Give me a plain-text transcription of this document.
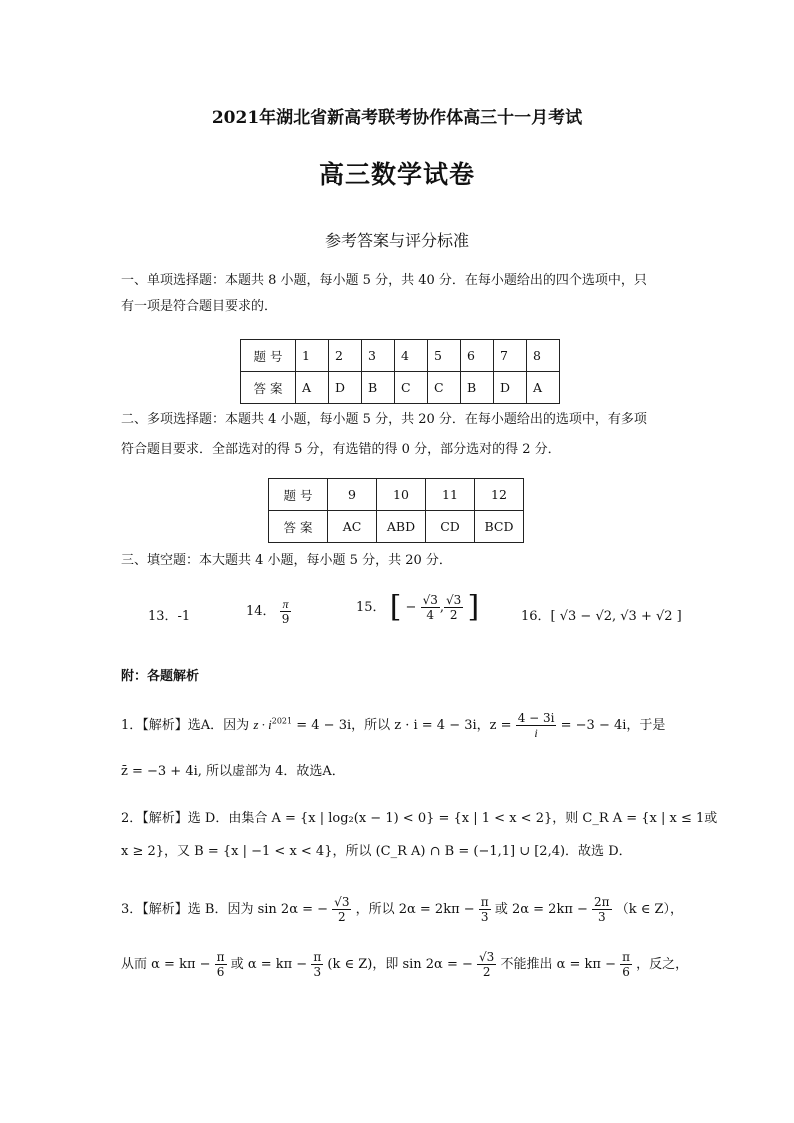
2021年湖北省新高考联考协作体高三十一月考试
高三数学试卷
参考答案与评分标准
一、单项选择题：本题共 8 小题，每小题 5 分，共 40 分．在每小题给出的四个选项中，只
有一项是符合题目要求的．
题 号	1	2	3	4	5	6	7	8
答 案	A	D	B	C	C	B	D	A
二、多项选择题：本题共 4 小题，每小题 5 分，共 20 分．在每小题给出的选项中，有多项
符合题目要求．全部选对的得 5 分，有选错的得 0 分，部分选对的得 2 分．
题 号	9	10	11	12
答 案	AC	ABD	CD	BCD
三、填空题：本大题共 4 小题，每小题 5 分，共 20 分．
13．-1	14． $\frac{\pi}{9}$	15． [ − $\frac{√3}{4}$ , $\frac{√3}{2}$ ]	16．[ √3 − √2, √3 + √2 ]
附：各题解析
1．【解析】选A．因为 $z \cdot i^{2021} = 4 - 3i$，所以 z · i = 4 − 3i，$z = \frac{4 - 3i}{i} = -3 - 4i$，于是
z̄ = −3 + 4i, 所以虚部为 4．故选A．
2．【解析】选 D．由集合 A = {x | log₂(x − 1) < 0} = {x | 1 < x < 2}，则 C_R A = {x | x ≤ 1或
x ≥ 2}，又 B = {x | −1 < x < 4}，所以 (C_R A) ∩ B = (−1,1] ∪ [2,4)．故选 D．
3．【解析】选 B．因为 sin 2α = − $\frac{√3}{2}$ ，所以 $2\alpha = 2k\pi - \frac{\pi}{3}$ 或 $2\alpha = 2k\pi - \frac{2\pi}{3} (k$ ∈ Z），
从而 $\alpha = k\pi - \frac{\pi}{6}$ 或 $\alpha = k\pi - \frac{\pi}{3} (k$ ∈ Z)，即 sin 2α = − $\frac{√3}{2}$ 不能推出 $\alpha = k\pi - \frac{\pi}{6}$ ，反之，
